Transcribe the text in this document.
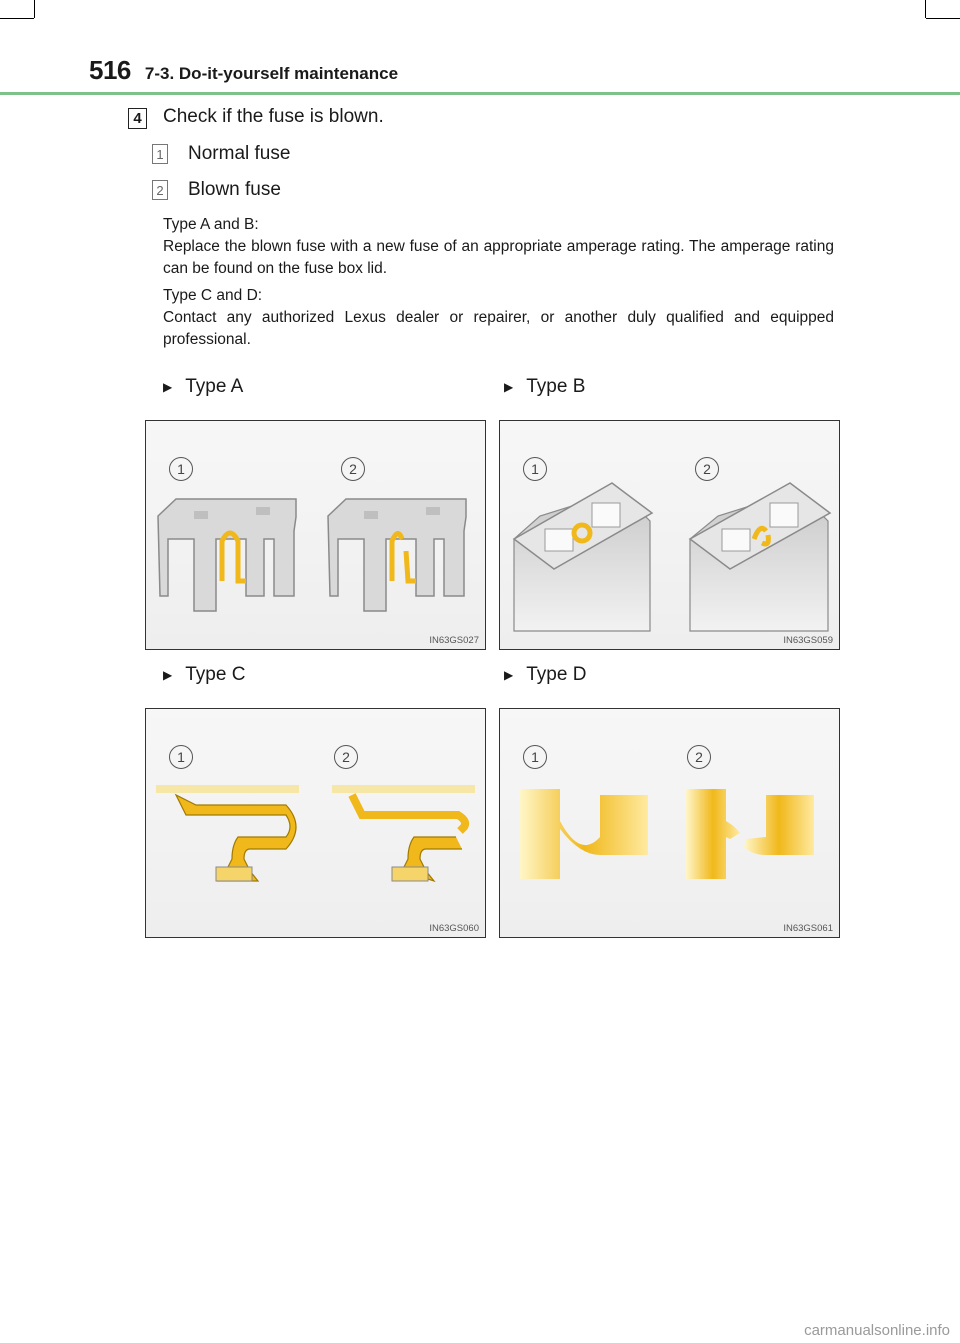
516 7-3. Do-it-yourself maintenance
4 Check if the fuse is blown.
1 Normal fuse
2 Blown fuse
Type A and B:
Replace the blown fuse with a new fuse of an appropriate amperage rating. The amperage rating can be found on the fuse box lid.
Type C and D:
Contact any authorized Lexus dealer or repairer, or another duly qualified and equipped professional.
▶ Type A	▶ Type B
▶ Type C	▶ Type D
1	2
IN63GS027
1	2
IN63GS059
1	2
IN63GS060
1	2
IN63GS061
carmanualsonline.info
